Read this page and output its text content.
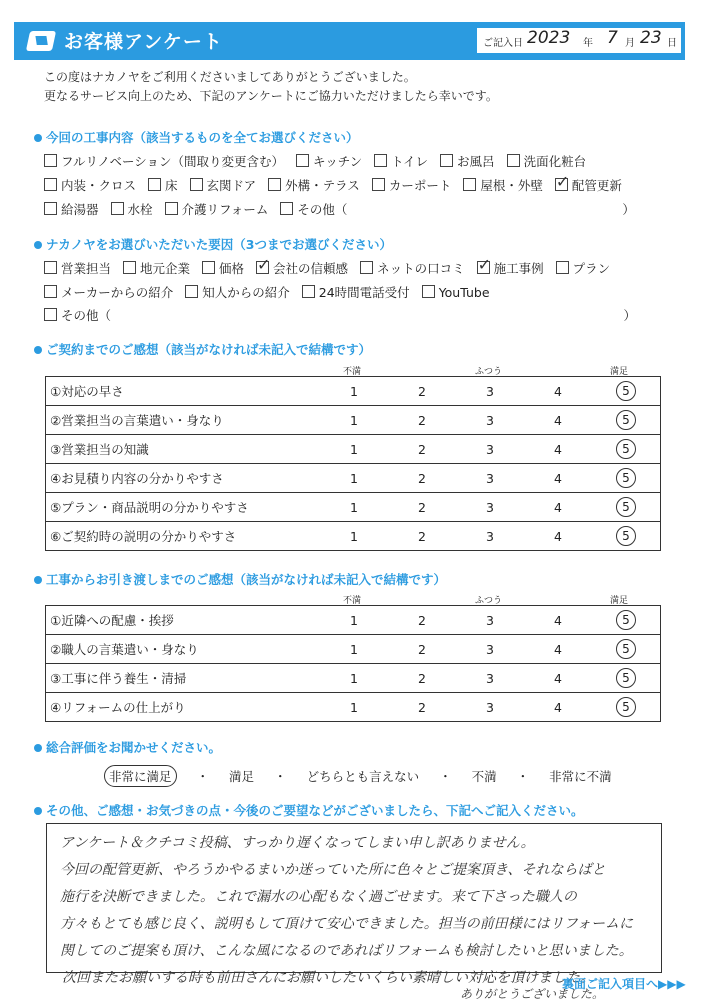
お客様アンケート	ご記入日 2023 年 7 月 23 日
この度はナカノヤをご利用くださいましてありがとうございました。
更なるサービス向上のため、下記のアンケートにご協力いただけましたら幸いです。
今回の工事内容（該当するものを全てお選びください）
フルリノベーション（間取り変更含む） キッチン トイレ お風呂 洗面化粧台
内装・クロス 床 玄関ドア 外構・テラス カーポート 屋根・外壁 ✓ 配管更新
給湯器 水栓 介護リフォーム その他（　　　　　　　　　　　　　　　　　　　　　　）
ナカノヤをお選びいただいた要因（3つまでお選びください）
営業担当 地元企業 価格 ✓ 会社の信頼感 ネットの口コミ ✓ 施工事例 プラン
メーカーからの紹介 知人からの紹介 24時間電話受付 YouTube
その他（　　　　　　　　　　　　　　　　　　　　　　　　　　　　　　　　　　　　　　　　　）
ご契約までのご感想（該当がなければ未記入で結構です）
不満	ふつう	満足
①対応の早さ	1	2	3	4	5
②営業担当の言葉遣い・身なり	1	2	3	4	5
③営業担当の知識	1	2	3	4	5
④お見積り内容の分かりやすさ	1	2	3	4	5
⑤プラン・商品説明の分かりやすさ	1	2	3	4	5
⑥ご契約時の説明の分かりやすさ	1	2	3	4	5
工事からお引き渡しまでのご感想（該当がなければ未記入で結構です）
不満	ふつう	満足
①近隣への配慮・挨拶	1	2	3	4	5
②職人の言葉遣い・身なり	1	2	3	4	5
③工事に伴う養生・清掃	1	2	3	4	5
④リフォームの仕上がり	1	2	3	4	5
総合評価をお聞かせください。
非常に満足 ・ 満足 ・ どちらとも言えない ・ 不満 ・ 非常に不満
その他、ご感想・お気づきの点・今後のご要望などがございましたら、下記へご記入ください。
アンケート＆クチコミ投稿、すっかり遅くなってしまい申し訳ありません。
今回の配管更新、やろうかやるまいか迷っていた所に色々とご提案頂き、それならばと
施行を決断できました。これで漏水の心配もなく過ごせます。来て下さった職人の
方々もとても感じ良く、説明もして頂けて安心できました。担当の前田様にはリフォームに
関してのご提案も頂け、こんな風になるのであればリフォームも検討したいと思いました。
次回またお願いする時も前田さんにお願いしたいくらい素晴しい対応を頂けました。
ありがとうございました。
裏面ご記入項目へ▶▶▶
